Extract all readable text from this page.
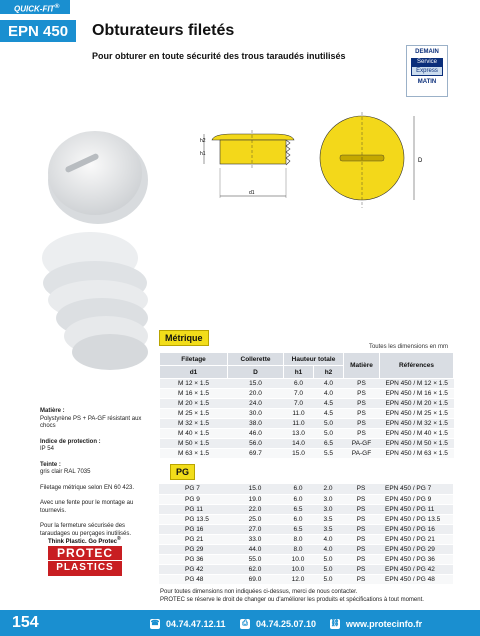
QUICK-FIT®
EPN 450	Obturateurs filetés
Pour obturer en toute sécurité des trous taraudés inutilisés	DEMAIN
Service
Express
MATIN
h2
h1
d1
D
Métrique
Toutes les dimensions en mm
Filetage	Collerette	Hauteur totale		Matière	Références
d1	D	h1	h2		
M 12 × 1.5	15.0	6.0	4.0	PS	EPN 450 / M 12 × 1.5
M 16 × 1.5	20.0	7.0	4.0	PS	EPN 450 / M 16 × 1.5
M 20 × 1.5	24.0	7.0	4.5	PS	EPN 450 / M 20 × 1.5
M 25 × 1.5	30.0	11.0	4.5	PS	EPN 450 / M 25 × 1.5
M 32 × 1.5	38.0	11.0	5.0	PS	EPN 450 / M 32 × 1.5
M 40 × 1.5	46.0	13.0	5.0	PS	EPN 450 / M 40 × 1.5
M 50 × 1.5	56.0	14.0	6.5	PA-GF	EPN 450 / M 50 × 1.5
M 63 × 1.5	69.7	15.0	5.5	PA-GF	EPN 450 / M 63 × 1.5
PG
PG 7	15.0	6.0	2.0	PS	EPN 450 / PG 7
PG 9	19.0	6.0	3.0	PS	EPN 450 / PG 9
PG 11	22.0	6.5	3.0	PS	EPN 450 / PG 11
PG 13.5	25.0	6.0	3.5	PS	EPN 450 / PG 13.5
PG 16	27.0	6.5	3.5	PS	EPN 450 / PG 16
PG 21	33.0	8.0	4.0	PS	EPN 450 / PG 21
PG 29	44.0	8.0	4.0	PS	EPN 450 / PG 29
PG 36	55.0	10.0	5.0	PS	EPN 450 / PG 36
PG 42	62.0	10.0	5.0	PS	EPN 450 / PG 42
PG 48	69.0	12.0	5.0	PS	EPN 450 / PG 48
Matière :
Polystyrène PS + PA-GF résistant aux chocs
Indice de protection :
IP 54
Teinte :
gris clair RAL 7035
Filetage métrique selon EN 60 423.
Avec une fente pour le montage au tournevis.
Pour la fermeture sécurisée des taraudages ou perçages inutilisés.
Think Plastic. Go Protec®
PROTEC
PLASTICS
Pour toutes dimensions non indiquées ci-dessus, merci de nous contacter.
PROTEC se réserve le droit de changer ou d'améliorer les produits et spécifications à tout moment.
154	☎ 04.74.47.12.11	⎙ 04.74.25.07.10 ⛓ www.protecinfo.fr
